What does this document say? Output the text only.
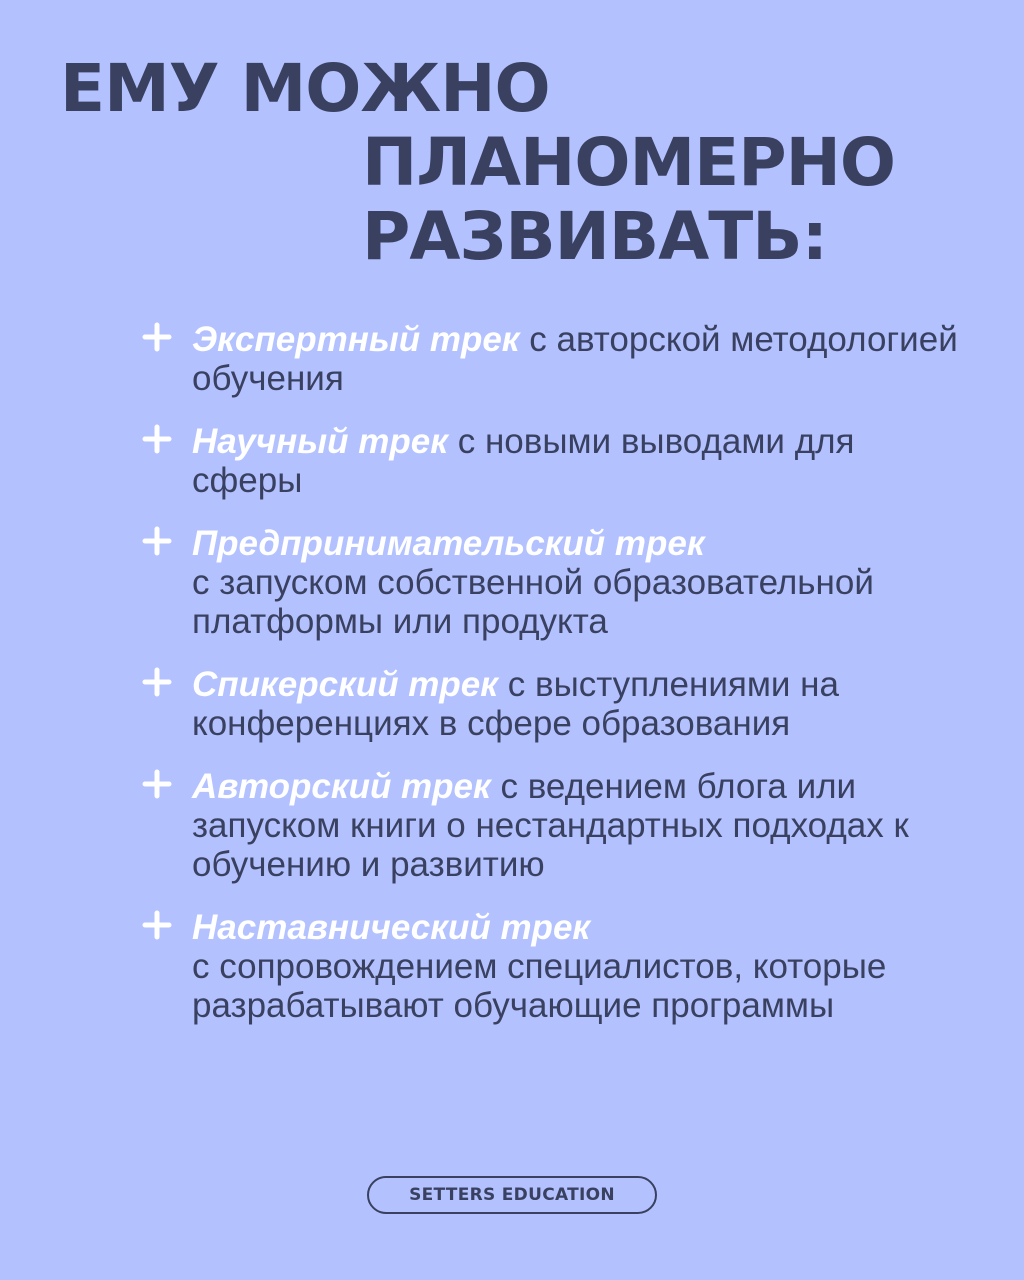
ЕМУ МОЖНО
ПЛАНОМЕРНО
РАЗВИВАТЬ:
Экспертный трек с авторской методологией обучения
Научный трек с новыми выводами для сферы
Предпринимательский трек
с запуском собственной образовательной платформы или продукта
Спикерский трек с выступлениями на конференциях в сфере образования
Авторский трек с ведением блога или запуском книги о нестандартных подходах к обучению и развитию
Наставнический трек
с сопровождением специалистов, которые разрабатывают обучающие программы
SETTERS EDUCATION
